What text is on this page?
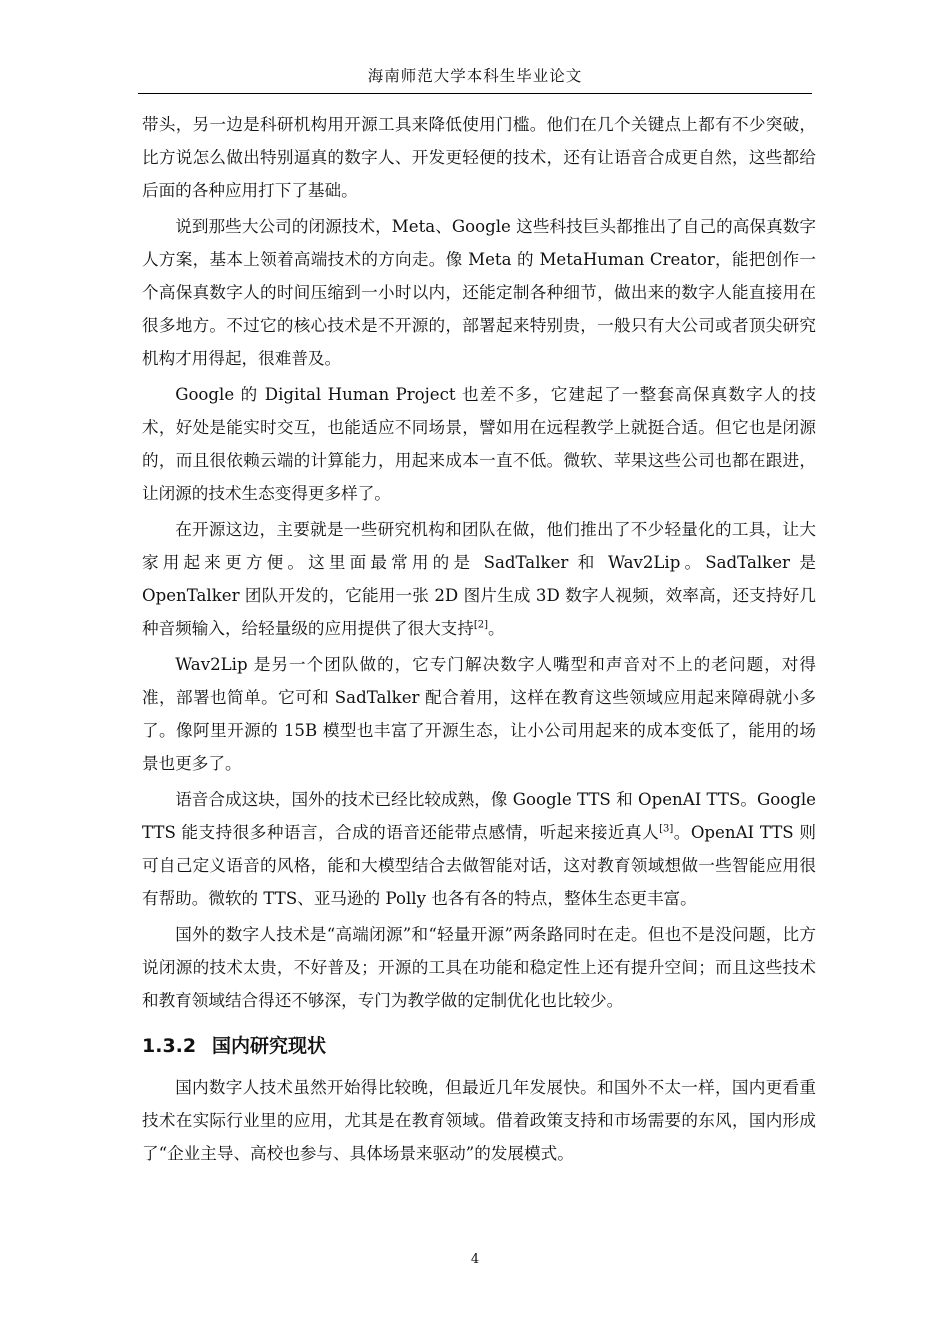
海南师范大学本科生毕业论文

带头，另一边是科研机构用开源工具来降低使用门槛。他们在几个关键点上都有不少突破，比方说怎么做出特别逼真的数字人、开发更轻便的技术，还有让语音合成更自然，这些都给后面的各种应用打下了基础。

说到那些大公司的闭源技术，Meta、Google 这些科技巨头都推出了自己的高保真数字人方案，基本上领着高端技术的方向走。像 Meta 的 MetaHuman Creator，能把创作一个高保真数字人的时间压缩到一小时以内，还能定制各种细节，做出来的数字人能直接用在很多地方。不过它的核心技术是不开源的，部署起来特别贵，一般只有大公司或者顶尖研究机构才用得起，很难普及。

Google 的 Digital Human Project 也差不多，它建起了一整套高保真数字人的技术，好处是能实时交互，也能适应不同场景，譬如用在远程教学上就挺合适。但它也是闭源的，而且很依赖云端的计算能力，用起来成本一直不低。微软、苹果这些公司也都在跟进，让闭源的技术生态变得更多样了。

在开源这边，主要就是一些研究机构和团队在做，他们推出了不少轻量化的工具，让大家用起来更方便。这里面最常用的是 SadTalker 和 Wav2Lip。SadTalker 是 OpenTalker 团队开发的，它能用一张 2D 图片生成 3D 数字人视频，效率高，还支持好几种音频输入，给轻量级的应用提供了很大支持[2]。

Wav2Lip 是另一个团队做的，它专门解决数字人嘴型和声音对不上的老问题，对得准，部署也简单。它可和 SadTalker 配合着用，这样在教育这些领域应用起来障碍就小多了。像阿里开源的 15B 模型也丰富了开源生态，让小公司用起来的成本变低了，能用的场景也更多了。

语音合成这块，国外的技术已经比较成熟，像 Google TTS 和 OpenAI TTS。Google TTS 能支持很多种语言，合成的语音还能带点感情，听起来接近真人[3]。OpenAI TTS 则可自己定义语音的风格，能和大模型结合去做智能对话，这对教育领域想做一些智能应用很有帮助。微软的 TTS、亚马逊的 Polly 也各有各的特点，整体生态更丰富。

国外的数字人技术是“高端闭源”和“轻量开源”两条路同时在走。但也不是没问题，比方说闭源的技术太贵，不好普及；开源的工具在功能和稳定性上还有提升空间；而且这些技术和教育领域结合得还不够深，专门为教学做的定制优化也比较少。

1.3.2 国内研究现状

国内数字人技术虽然开始得比较晚，但最近几年发展快。和国外不太一样，国内更看重技术在实际行业里的应用，尤其是在教育领域。借着政策支持和市场需要的东风，国内形成了“企业主导、高校也参与、具体场景来驱动”的发展模式。

4
